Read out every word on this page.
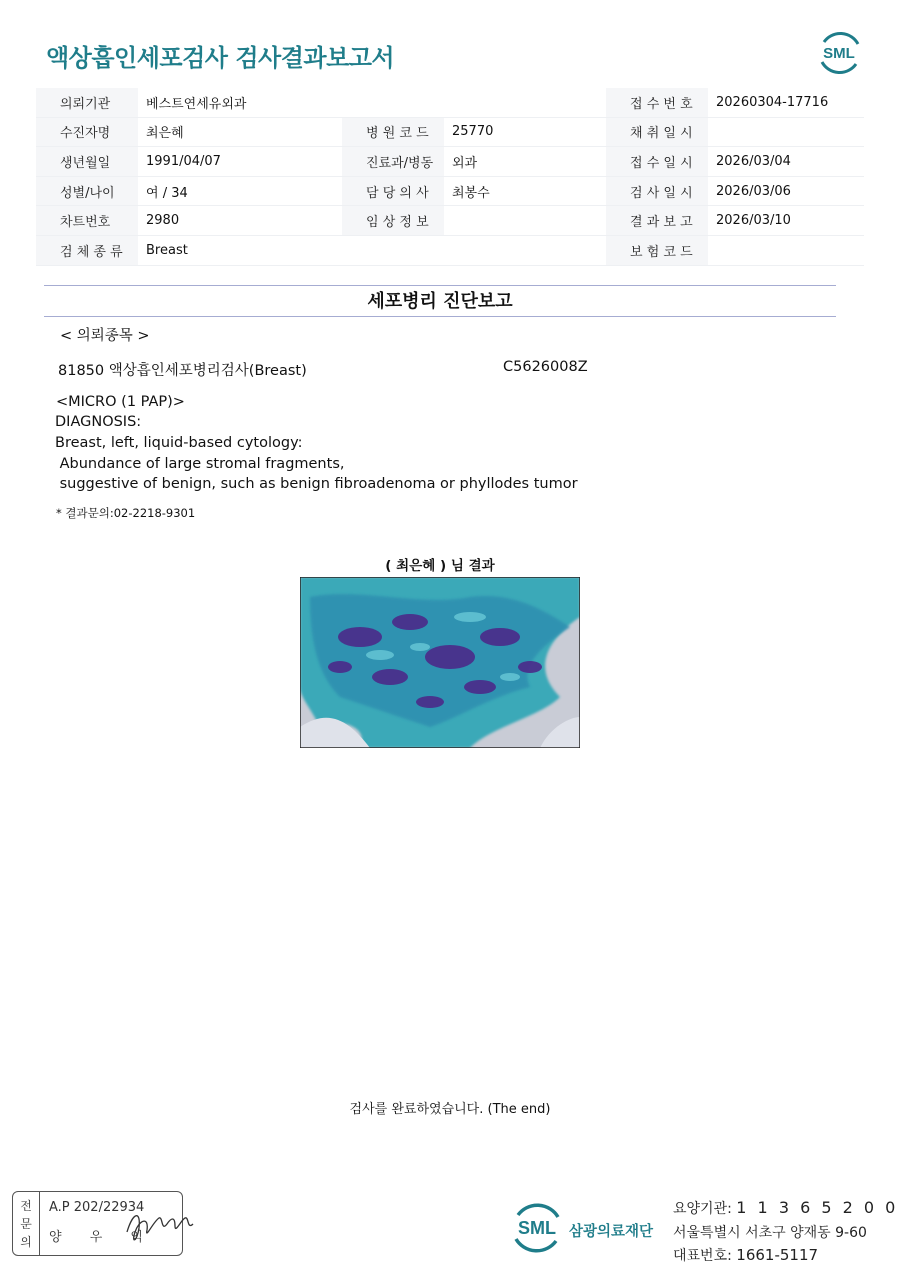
액상흡인세포검사 검사결과보고서	SML
의뢰기관	베스트연세유외과			접 수 번 호	20260304-17716
수진자명	최은혜	병 원 코 드	25770	채 취 일 시	
생년월일	1991/04/07	진료과/병동	외과	접 수 일 시	2026/03/04
성별/나이	여 / 34	담 당 의 사	최봉수	검 사 일 시	2026/03/06
차트번호	2980	임 상 정 보		결 과 보 고	2026/03/10
검 체 종 류	Breast			보 험 코 드	
세포병리 진단보고
< 의뢰종목 >
81850 액상흡인세포병리검사(Breast)	C5626008Z
<MICRO (1 PAP)>
DIAGNOSIS:
Breast, left, liquid-based cytology:
Abundance of large stromal fragments,
suggestive of benign, such as benign fibroadenoma or phyllodes tumor
* 결과문의:02-2218-9301
( 최은혜 ) 님 결과
검사를 완료하였습니다. (The end)
전
문
의
A.P 202/22934
양 우 익	SML 삼광의료재단
요양기관: 1 1 3 6 5 2 0 0
서울특별시 서초구 양재동 9-60
대표번호: 1661-5117
